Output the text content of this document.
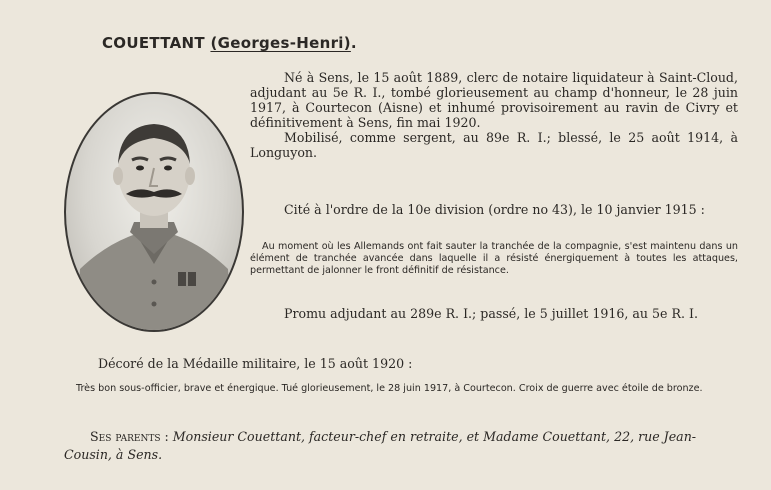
COUETTANT (Georges-Henri).

Né à Sens, le 15 août 1889, clerc de notaire liquidateur à Saint-Cloud, adjudant au 5e R. I., tombé glorieusement au champ d'honneur, le 28 juin 1917, à Courtecon (Aisne) et inhumé provisoirement au ravin de Civry et définitivement à Sens, fin mai 1920.

Mobilisé, comme sergent, au 89e R. I.; blessé, le 25 août 1914, à Longuyon.

Cité à l'ordre de la 10e division (ordre no 43), le 10 janvier 1915 :

Au moment où les Allemands ont fait sauter la tranchée de la compagnie, s'est maintenu dans un élément de tranchée avancée dans laquelle il a résisté énergiquement à toutes les attaques, permettant de jalonner le front définitif de résistance.

Promu adjudant au 289e R. I.; passé, le 5 juillet 1916, au 5e R. I.

Décoré de la Médaille militaire, le 15 août 1920 :

Très bon sous-officier, brave et énergique. Tué glorieusement, le 28 juin 1917, à Courtecon. Croix de guerre avec étoile de bronze.

Ses parents : Monsieur Couettant, facteur-chef en retraite, et Madame Couettant, 22, rue Jean-Cousin, à Sens.
